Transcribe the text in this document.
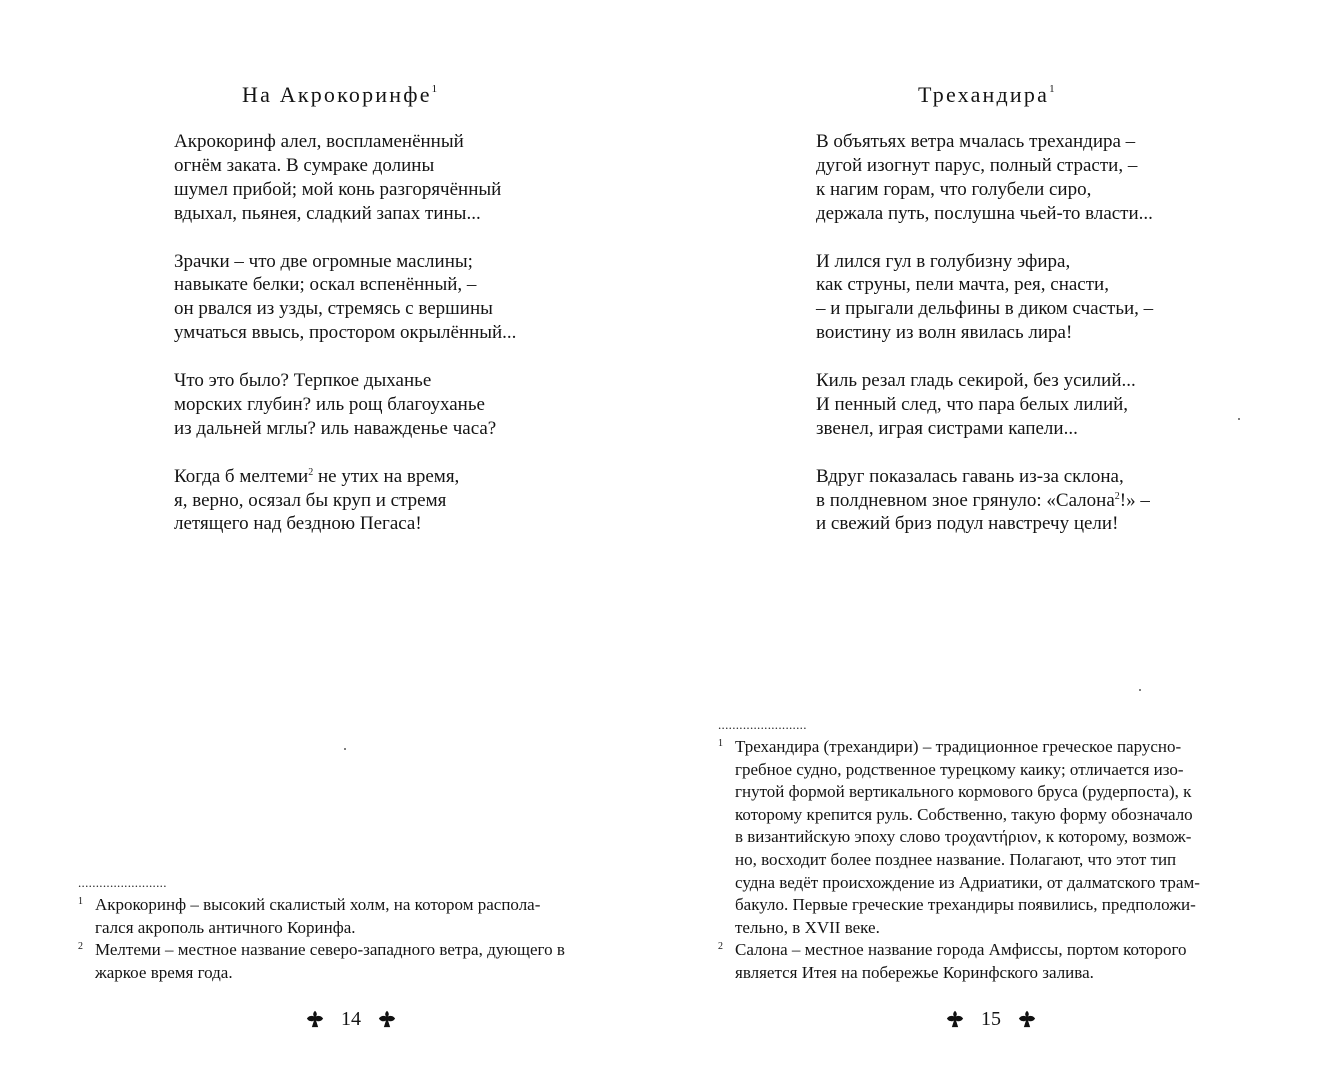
На Акрокоринфе$^1$
Акрокоринф алел, воспламенённый
огнём заката. В сумраке долины
шумел прибой; мой конь разгорячённый
вдыхал, пьянея, сладкий запах тины...
Зрачки – что две огромные маслины;
навыкате белки; оскал вспенённый, –
он рвался из узды, стремясь с вершины
умчаться ввысь, простором окрылённый...
Что это было? Терпкое дыханье
морских глубин? иль рощ благоуханье
из дальней мглы? иль наважденье часа?
Когда б мелтеми$^2$ не утих на время,
я, верно, осязал бы круп и стремя
летящего над бездною Пегаса!
.........................
1 Акрокоринф – высокий скалистый холм, на котором распола-
гался акрополь античного Коринфа.
2 Мелтеми – местное название северо-западного ветра, дующего в
жаркое время года.
14
Трехандира$^1$
В объятьях ветра мчалась трехандира –
дугой изогнут парус, полный страсти, –
к нагим горам, что голубели сиро,
держала путь, послушна чьей-то власти...
И лился гул в голубизну эфира,
как струны, пели мачта, рея, снасти,
– и прыгали дельфины в диком счастьи, –
воистину из волн явилась лира!
Киль резал гладь секирой, без усилий...
И пенный след, что пара белых лилий,
звенел, играя систрами капели...
Вдруг показалась гавань из-за склона,
в полдневном зное грянуло: «Салона$^2$!» –
и свежий бриз подул навстречу цели!
.........................
1 Трехандира (трехандири) – традиционное греческое парусно-
гребное судно, родственное турецкому каику; отличается изо-
гнутой формой вертикального кормового бруса (рудерпоста), к
которому крепится руль. Собственно, такую форму обозначало
в византийскую эпоху слово τροχαντήριον, к которому, возмож-
но, восходит более позднее название. Полагают, что этот тип
судна ведёт происхождение из Адриатики, от далматского трам-
бакуло. Первые греческие трехандиры появились, предположи-
тельно, в XVII веке.
2 Салона – местное название города Амфиссы, портом которого
является Итея на побережье Коринфского залива.
15
